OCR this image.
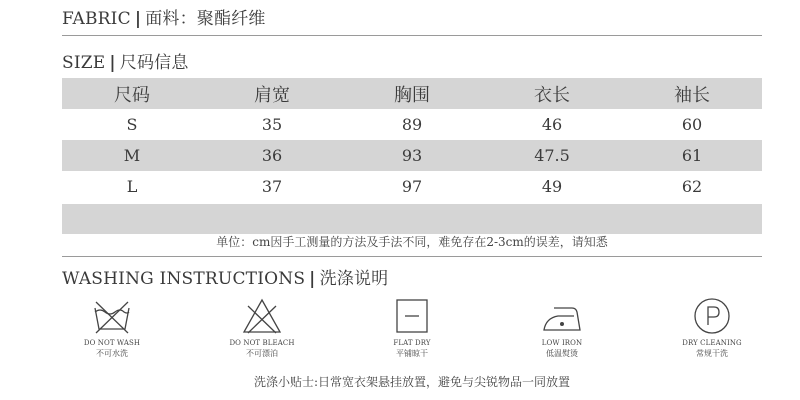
FABRIC | 面料：聚酯纤维
SIZE | 尺码信息
尺码	肩宽	胸围	衣长	袖长
S	35	89	46	60
M	36	93	47.5	61
L	37	97	49	62
单位：cm因手工测量的方法及手法不同，难免存在2-3cm的误差，请知悉
WASHING INSTRUCTIONS | 洗涤说明
DO NOT WASH
不可水洗
DO NOT BLEACH
不可漂泊
FLAT DRY
平铺晾干
LOW IRON
低温熨烫
DRY CLEANING
常规干洗
洗涤小贴士:日常宽衣架悬挂放置，避免与尖锐物品一同放置
